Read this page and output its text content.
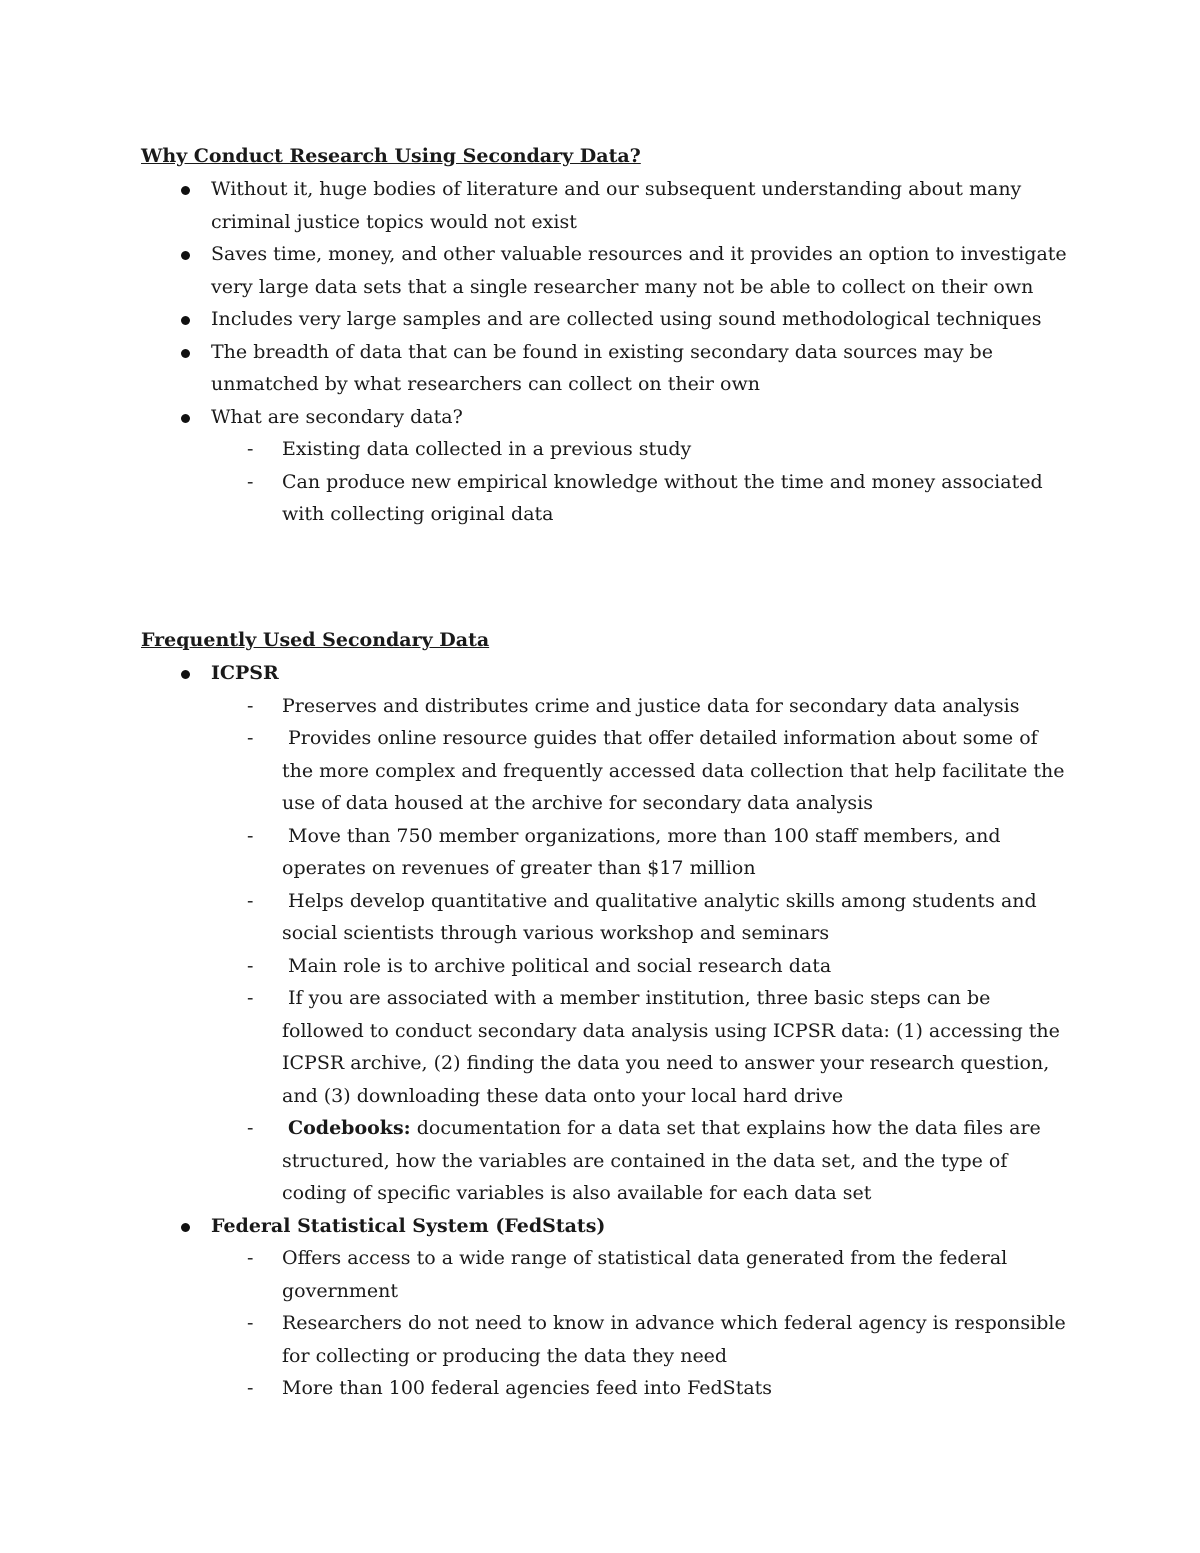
Why Conduct Research Using Secondary Data?
Without it, huge bodies of literature and our subsequent understanding about many criminal justice topics would not exist
Saves time, money, and other valuable resources and it provides an option to investigate very large data sets that a single researcher many not be able to collect on their own
Includes very large samples and are collected using sound methodological techniques
The breadth of data that can be found in existing secondary data sources may be unmatched by what researchers can collect on their own
What are secondary data?
- Existing data collected in a previous study
- Can produce new empirical knowledge without the time and money associated with collecting original data
Frequently Used Secondary Data
ICPSR
- Preserves and distributes crime and justice data for secondary data analysis
- Provides online resource guides that offer detailed information about some of the more complex and frequently accessed data collection that help facilitate the use of data housed at the archive for secondary data analysis
- Move than 750 member organizations, more than 100 staff members, and operates on revenues of greater than $17 million
- Helps develop quantitative and qualitative analytic skills among students and social scientists through various workshop and seminars
- Main role is to archive political and social research data
- If you are associated with a member institution, three basic steps can be followed to conduct secondary data analysis using ICPSR data: (1) accessing the ICPSR archive, (2) finding the data you need to answer your research question, and (3) downloading these data onto your local hard drive
- Codebooks: documentation for a data set that explains how the data files are structured, how the variables are contained in the data set, and the type of coding of specific variables is also available for each data set
Federal Statistical System (FedStats)
- Offers access to a wide range of statistical data generated from the federal government
- Researchers do not need to know in advance which federal agency is responsible for collecting or producing the data they need
- More than 100 federal agencies feed into FedStats
